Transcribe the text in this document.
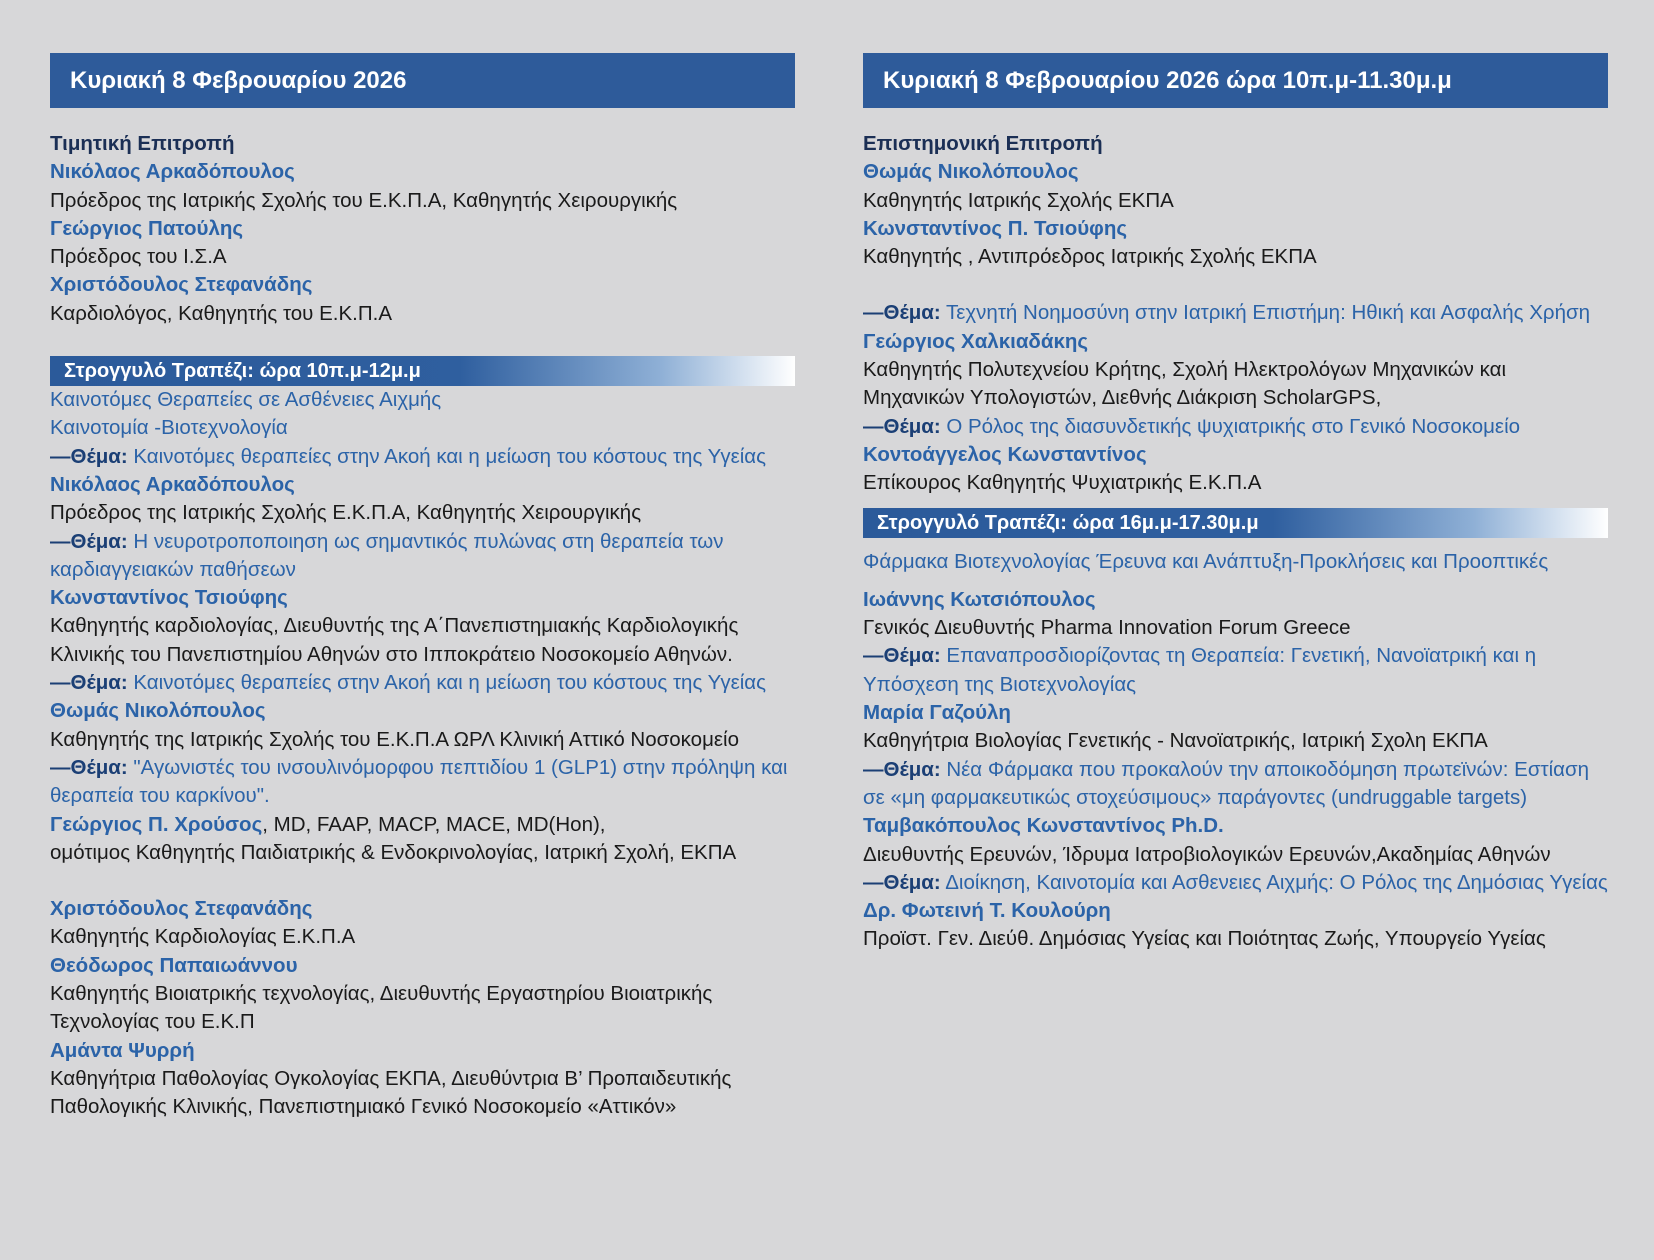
Κυριακή 8 Φεβρουαρίου 2026
Τιμητική Επιτροπή
Νικόλαος Αρκαδόπουλος
Πρόεδρος της Ιατρικής Σχολής του Ε.Κ.Π.Α, Καθηγητής Χειρουργικής
Γεώργιος Πατούλης
Πρόεδρος του Ι.Σ.Α
Χριστόδουλος Στεφανάδης
Καρδιολόγος, Καθηγητής του Ε.Κ.Π.Α
Στρογγυλό Τραπέζι: ώρα 10π.μ-12μ.μ
Καινοτόμες Θεραπείες σε Ασθένειες Αιχμής
Καινοτομία -Βιοτεχνολογία
—Θέμα: Καινοτόμες θεραπείες στην Ακοή και η μείωση του κόστους της Υγείας
Νικόλαος Αρκαδόπουλος
Πρόεδρος της Ιατρικής Σχολής Ε.Κ.Π.Α, Καθηγητής Χειρουργικής
—Θέμα: Η νευροτροποποιηση ως σημαντικός πυλώνας στη θεραπεία των καρδιαγγειακών παθήσεων
Κωνσταντίνος Τσιούφης
Καθηγητής καρδιολογίας, Διευθυντής της Α΄Πανεπιστημιακής Καρδιολογικής Κλινικής του Πανεπιστημίου Αθηνών στο Ιπποκράτειο Νοσοκομείο Αθηνών.
—Θέμα: Καινοτόμες θεραπείες στην Ακοή και η μείωση του κόστους της Υγείας
Θωμάς Νικολόπουλος
Καθηγητής της Ιατρικής Σχολής του Ε.Κ.Π.Α ΩΡΛ Κλινική Αττικό Νοσοκομείο
—Θέμα: "Αγωνιστές του ινσουλινόμορφου πεπτιδίου 1 (GLP1) στην πρόληψη και θεραπεία του καρκίνου".
Γεώργιος Π. Χρούσος, MD, FAAP, MACP, MACE, MD(Hon),
ομότιμος Καθηγητής Παιδιατρικής & Ενδοκρινολογίας, Ιατρική Σχολή, ΕΚΠΑ
Χριστόδουλος Στεφανάδης
Καθηγητής Καρδιολογίας Ε.Κ.Π.Α
Θεόδωρος Παπαιωάννου
Καθηγητής Βιοιατρικής τεχνολογίας, Διευθυντής Εργαστηρίου Βιοιατρικής Τεχνολογίας του Ε.Κ.Π
Αμάντα Ψυρρή
Καθηγήτρια Παθολογίας Ογκολογίας ΕΚΠΑ, Διευθύντρια Β’ Προπαιδευτικής Παθολογικής Κλινικής, Πανεπιστημιακό Γενικό Νοσοκομείο «Αττικόν»
Κυριακή 8 Φεβρουαρίου 2026 ώρα 10π.μ-11.30μ.μ
Επιστημονική Επιτροπή
Θωμάς Νικολόπουλος
Καθηγητής Ιατρικής Σχολής ΕΚΠΑ
Κωνσταντίνος Π. Τσιούφης
Καθηγητής , Αντιπρόεδρος Ιατρικής Σχολής ΕΚΠΑ
—Θέμα: Τεχνητή Νοημοσύνη στην Ιατρική Επιστήμη: Ηθική και Ασφαλής Χρήση
Γεώργιος Χαλκιαδάκης
Καθηγητής Πολυτεχνείου Κρήτης, Σχολή Ηλεκτρολόγων Μηχανικών και Μηχανικών Υπολογιστών, Διεθνής Διάκριση ScholarGPS,
—Θέμα: Ο Ρόλος της διασυνδετικής ψυχιατρικής στο Γενικό Νοσοκομείο
Κοντοάγγελος Κωνσταντίνος
Επίκουρος Καθηγητής Ψυχιατρικής Ε.Κ.Π.Α
Στρογγυλό Τραπέζι: ώρα 16μ.μ-17.30μ.μ
Φάρμακα Βιοτεχνολογίας Έρευνα και Ανάπτυξη-Προκλήσεις και Προοπτικές
Ιωάννης Κωτσιόπουλος
Γενικός Διευθυντής Pharma Innovation Forum Greece
—Θέμα: Επαναπροσδιορίζοντας τη Θεραπεία: Γενετική, Νανοϊατρική και η Υπόσχεση της Βιοτεχνολογίας
Μαρία Γαζούλη
Καθηγήτρια Βιολογίας Γενετικής - Νανοϊατρικής, Ιατρική Σχολη ΕΚΠΑ
—Θέμα: Νέα Φάρμακα που προκαλούν την αποικοδόμηση πρωτεϊνών: Εστίαση σε «μη φαρμακευτικώς στοχεύσιμους» παράγοντες (undruggable targets)
Ταμβακόπουλος Κωνσταντίνος Ph.D.
Διευθυντής Ερευνών, Ίδρυμα Ιατροβιολογικών Ερευνών,Ακαδημίας Αθηνών
—Θέμα: Διοίκηση, Καινοτομία και Ασθενειες Αιχμής: Ο Ρόλος της Δημόσιας Υγείας
Δρ. Φωτεινή Τ. Κουλούρη
Προϊστ. Γεν. Διεύθ. Δημόσιας Υγείας και Ποιότητας Ζωής, Υπουργείο Υγείας
